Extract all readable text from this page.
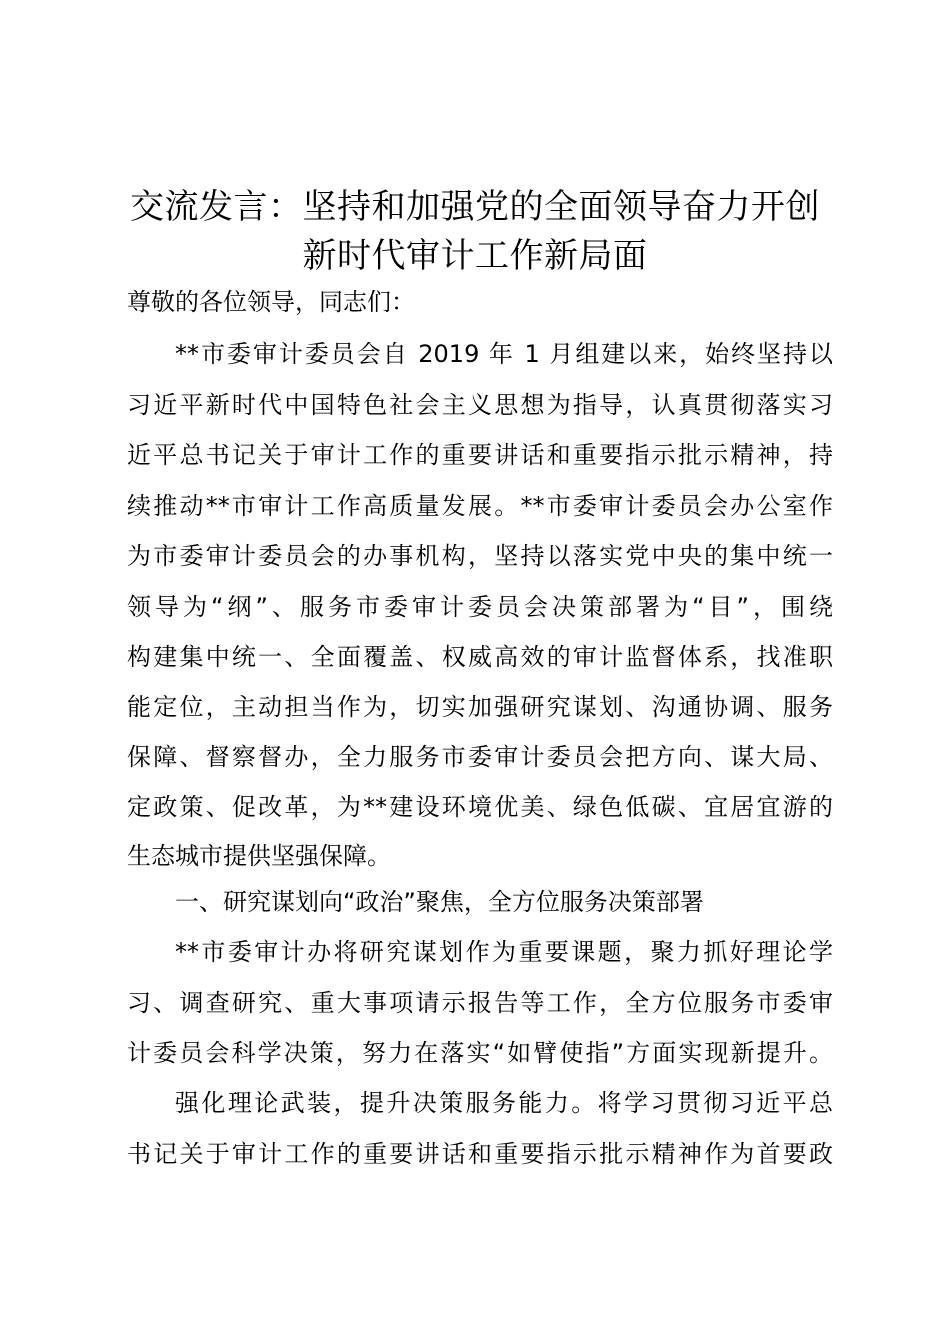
交流发言：坚持和加强党的全面领导奋力开创
新时代审计工作新局面
尊敬的各位领导，同志们：
**市委审计委员会自 2019 年 1 月组建以来，始终坚持以
习近平新时代中国特色社会主义思想为指导，认真贯彻落实习
近平总书记关于审计工作的重要讲话和重要指示批示精神，持
续推动**市审计工作高质量发展。**市委审计委员会办公室作
为市委审计委员会的办事机构，坚持以落实党中央的集中统一
领导为“纲”、服务市委审计委员会决策部署为“目”，围绕
构建集中统一、全面覆盖、权威高效的审计监督体系，找准职
能定位，主动担当作为，切实加强研究谋划、沟通协调、服务
保障、督察督办，全力服务市委审计委员会把方向、谋大局、
定政策、促改革，为**建设环境优美、绿色低碳、宜居宜游的
生态城市提供坚强保障。
一、研究谋划向“政治”聚焦，全方位服务决策部署
**市委审计办将研究谋划作为重要课题，聚力抓好理论学
习、调查研究、重大事项请示报告等工作，全方位服务市委审
计委员会科学决策，努力在落实“如臂使指”方面实现新提升。
强化理论武装，提升决策服务能力。将学习贯彻习近平总
书记关于审计工作的重要讲话和重要指示批示精神作为首要政
